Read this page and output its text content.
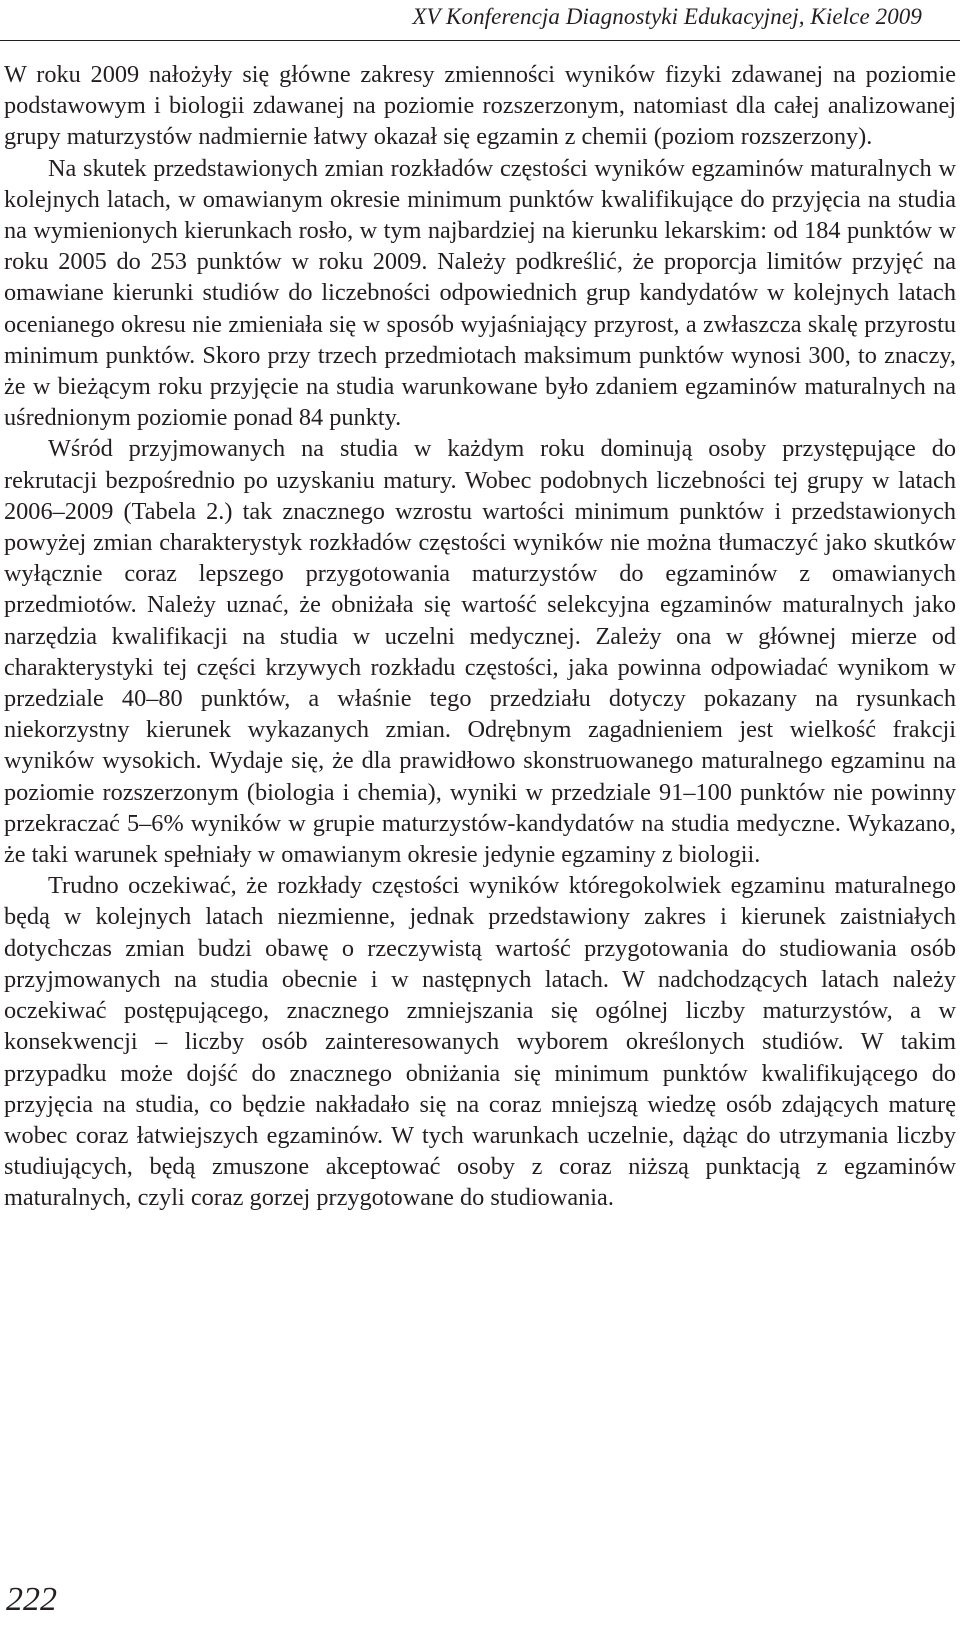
XV Konferencja Diagnostyki Edukacyjnej, Kielce 2009

W roku 2009 nałożyły się główne zakresy zmienności wyników fizyki zdawanej na poziomie podstawowym i biologii zdawanej na poziomie rozszerzonym, natomiast dla całej analizowanej grupy maturzystów nadmiernie łatwy okazał się egzamin z chemii (poziom rozszerzony).

Na skutek przedstawionych zmian rozkładów częstości wyników egzaminów maturalnych w kolejnych latach, w omawianym okresie minimum punktów kwalifikujące do przyjęcia na studia na wymienionych kierunkach rosło, w tym najbardziej na kierunku lekarskim: od 184 punktów w roku 2005 do 253 punktów w roku 2009. Należy podkreślić, że proporcja limitów przyjęć na omawiane kierunki studiów do liczebności odpowiednich grup kandydatów w kolejnych latach ocenianego okresu nie zmieniała się w sposób wyjaśniający przyrost, a zwłaszcza skalę przyrostu minimum punktów. Skoro przy trzech przedmiotach maksimum punktów wynosi 300, to znaczy, że w bieżącym roku przyjęcie na studia warunkowane było zdaniem egzaminów maturalnych na uśrednionym poziomie ponad 84 punkty.

Wśród przyjmowanych na studia w każdym roku dominują osoby przystępujące do rekrutacji bezpośrednio po uzyskaniu matury. Wobec podobnych liczebności tej grupy w latach 2006–2009 (Tabela 2.) tak znacznego wzrostu wartości minimum punktów i przedstawionych powyżej zmian charakterystyk rozkładów częstości wyników nie można tłumaczyć jako skutków wyłącznie coraz lepszego przygotowania maturzystów do egzaminów z omawianych przedmiotów. Należy uznać, że obniżała się wartość selekcyjna egzaminów maturalnych jako narzędzia kwalifikacji na studia w uczelni medycznej. Zależy ona w głównej mierze od charakterystyki tej części krzywych rozkładu częstości, jaka powinna odpowiadać wynikom w przedziale 40–80 punktów, a właśnie tego przedziału dotyczy pokazany na rysunkach niekorzystny kierunek wykazanych zmian. Odrębnym zagadnieniem jest wielkość frakcji wyników wysokich. Wydaje się, że dla prawidłowo skonstruowanego maturalnego egzaminu na poziomie rozszerzonym (biologia i chemia), wyniki w przedziale 91–100 punktów nie powinny przekraczać 5–6% wyników w grupie maturzystów-kandydatów na studia medyczne. Wykazano, że taki warunek spełniały w omawianym okresie jedynie egzaminy z biologii.

Trudno oczekiwać, że rozkłady częstości wyników któregokolwiek egzaminu maturalnego będą w kolejnych latach niezmienne, jednak przedstawiony zakres i kierunek zaistniałych dotychczas zmian budzi obawę o rzeczywistą wartość przygotowania do studiowania osób przyjmowanych na studia obecnie i w następnych latach. W nadchodzących latach należy oczekiwać postępującego, znacznego zmniejszania się ogólnej liczby maturzystów, a w konsekwencji – liczby osób zainteresowanych wyborem określonych studiów. W takim przypadku może dojść do znacznego obniżania się minimum punktów kwalifikującego do przyjęcia na studia, co będzie nakładało się na coraz mniejszą wiedzę osób zdających maturę wobec coraz łatwiejszych egzaminów. W tych warunkach uczelnie, dążąc do utrzymania liczby studiujących, będą zmuszone akceptować osoby z coraz niższą punktacją z egzaminów maturalnych, czyli coraz gorzej przygotowane do studiowania.

222
